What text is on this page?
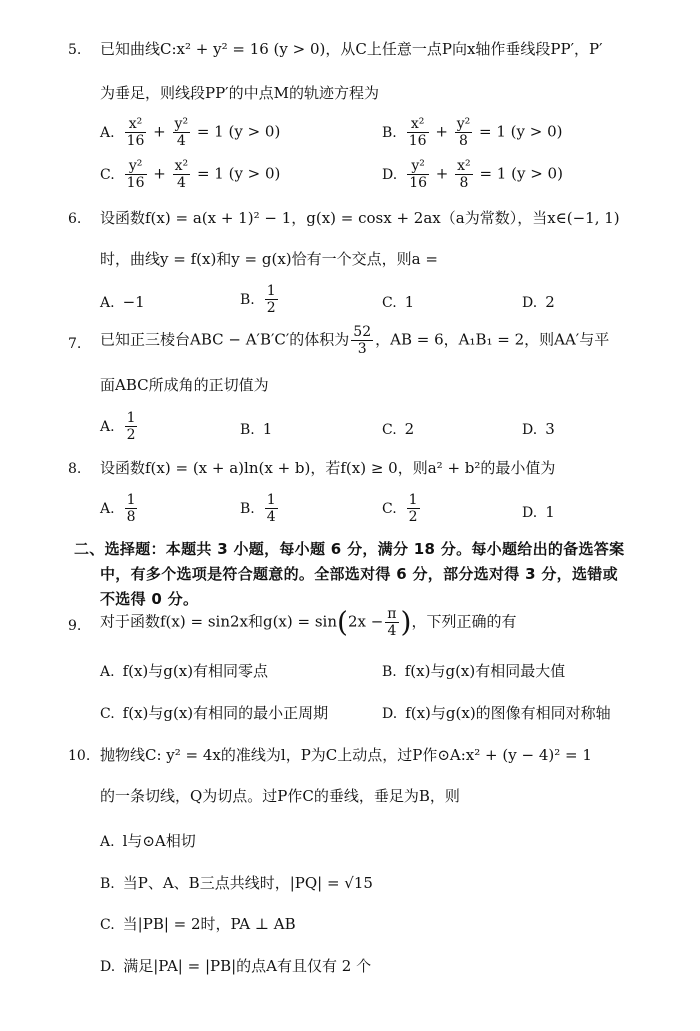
5. 已知曲线C:x² + y² = 16 (y > 0)，从C上任意一点P向x轴作垂线段PP′，P′
为垂足，则线段PP′的中点M的轨迹方程为
A. $\frac{\text{x²}}{16} + \frac{\text{y²}}{4} = 1$ (y > 0)	B. $\frac{\text{x²}}{16} + \frac{\text{y²}}{8} = 1$ (y > 0)
C. $\frac{\text{y²}}{16} + \frac{\text{x²}}{4} = 1$ (y > 0)	D. $\frac{\text{y²}}{16} + \frac{\text{x²}}{8} = 1$ (y > 0)
6. 设函数f(x) = a(x + 1)² − 1，g(x) = cosx + 2ax（a为常数），当x∈(−1, 1)
时，曲线y = f(x)和y = g(x)恰有一个交点，则a =
A. −1	B. $\frac{1}{2}$	C. 1	D. 2
7. 已知正三棱台ABC − A′B′C′的体积为 $\frac{52}{3}$ ，AB = 6，A₁B₁ = 2，则AA′与平
面ABC所成角的正切值为
A. $\frac{1}{2}$	B. 1	C. 2	D. 3
8. 设函数f(x) = (x + a)ln(x + b)，若f(x) ≥ 0，则a² + b²的最小值为
A. $\frac{1}{8}$	B. $\frac{1}{4}$	C. $\frac{1}{2}$	D. 1
二、选择题：本题共 3 小题，每小题 6 分，满分 18 分。每小题给出的备选答案
中，有多个选项是符合题意的。全部选对得 6 分，部分选对得 3 分，选错或
不选得 0 分。
9. 对于函数f(x) = sin2x和$g(x) = \sin(2x - \frac{\pi}{4}$ )，下列正确的有
A. f(x)与g(x)有相同零点	B. f(x)与g(x)有相同最大值
C. f(x)与g(x)有相同的最小正周期	D. f(x)与g(x)的图像有相同对称轴
10. 抛物线C: y² = 4x的准线为l，P为C上动点，过P作⊙A:x² + (y − 4)² = 1
的一条切线，Q为切点。过P作C的垂线，垂足为B，则
A. l与⊙A相切
B. 当P、A、B三点共线时，|PQ| = √15
C. 当|PB| = 2时，PA ⊥ AB
D. 满足|PA| = |PB|的点A有且仅有 2 个
